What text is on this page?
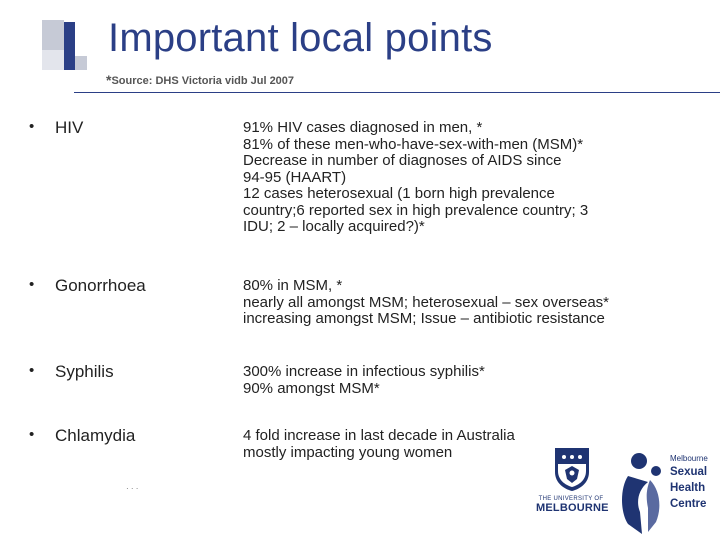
Important local points
*Source: DHS Victoria vidb Jul 2007
• HIV	91% HIV cases diagnosed in men, *
81% of these men-who-have-sex-with-men (MSM)*
Decrease in number of diagnoses of AIDS since
94-95 (HAART)
12 cases heterosexual (1 born high prevalence
country;6 reported sex in high prevalence country; 3
IDU; 2 – locally acquired?)*
• Gonorrhoea	80% in MSM, *
nearly all amongst MSM; heterosexual – sex overseas*
increasing amongst MSM; Issue – antibiotic resistance
• Syphilis	300% increase in infectious syphilis*
90% amongst MSM*
• Chlamydia	4 fold increase in last decade in Australia
mostly impacting young women
· · ·
THE UNIVERSITY OF
MELBOURNE
Melbourne
Sexual
Health
Centre
